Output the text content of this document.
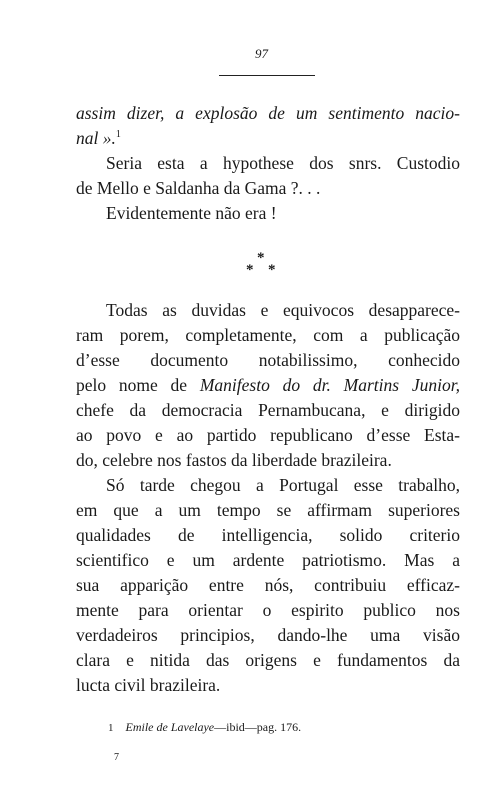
97
assim dizer, a explosão de um sentimento nacio-
nal ».$^1$
Seria esta a hypothese dos snrs. Custodio
de Mello e Saldanha da Gama ?. . .
Evidentemente não era !
*
* *
Todas as duvidas e equivocos desapparece-
ram porem, completamente, com a publicação
d’esse documento notabilissimo, conhecido
pelo nome de Manifesto do dr. Martins Junior,
chefe da democracia Pernambucana, e dirigido
ao povo e ao partido republicano d’esse Esta-
do, celebre nos fastos da liberdade brazileira.
Só tarde chegou a Portugal esse trabalho,
em que a um tempo se affirmam superiores
qualidades de intelligencia, solido criterio
scientifico e um ardente patriotismo. Mas a
sua apparição entre nós, contribuiu efficaz-
mente para orientar o espirito publico nos
verdadeiros principios, dando-lhe uma visão
clara e nitida das origens e fundamentos da
lucta civil brazileira.
1 Emile de Lavelaye—ibid—pag. 176.
7
